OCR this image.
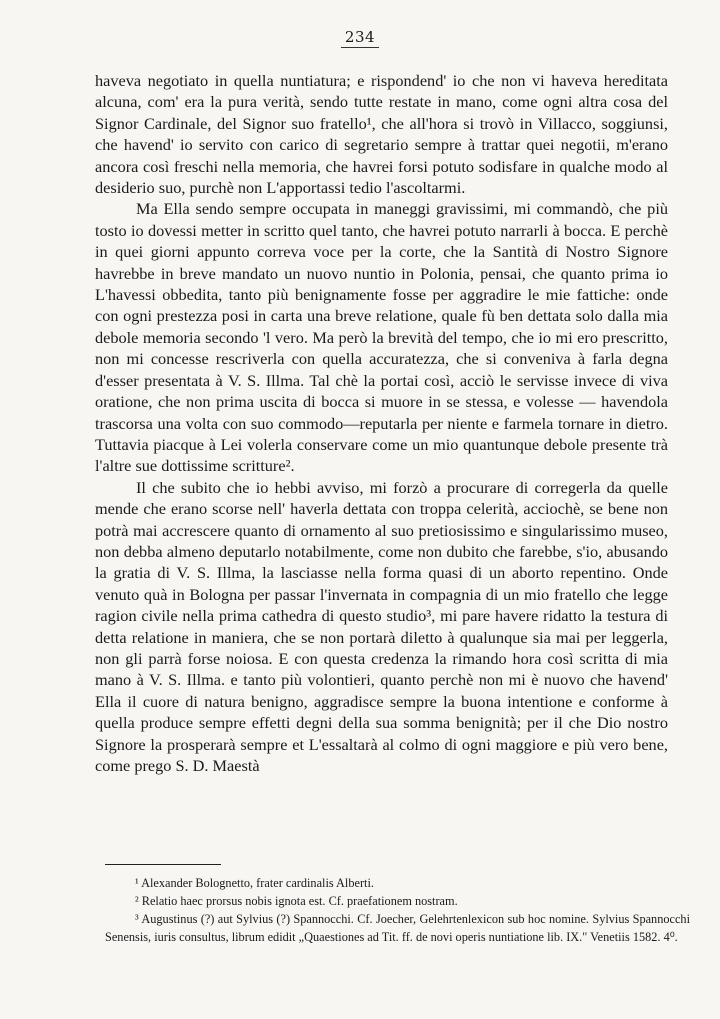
234

haveva negotiato in quella nuntiatura; e rispondend' io che non vi haveva hereditata alcuna, com' era la pura verità, sendo tutte restate in mano, come ogni altra cosa del Signor Cardinale, del Signor suo fratello¹, che all'hora si trovò in Villacco, soggiunsi, che havend' io servito con carico di segretario sempre à trattar quei negotii, m'erano ancora così freschi nella memoria, che havrei forsi potuto sodisfare in qualche modo al desiderio suo, purchè non L'apportassi tedio l'ascoltarmi.

Ma Ella sendo sempre occupata in maneggi gravissimi, mi commandò, che più tosto io dovessi metter in scritto quel tanto, che havrei potuto narrarli à bocca. E perchè in quei giorni appunto correva voce per la corte, che la Santità di Nostro Signore havrebbe in breve mandato un nuovo nuntio in Polonia, pensai, che quanto prima io L'havessi obbedita, tanto più benignamente fosse per aggradire le mie fattiche: onde con ogni prestezza posi in carta una breve relatione, quale fù ben dettata solo dalla mia debole memoria secondo 'l vero. Ma però la brevità del tempo, che io mi ero prescritto, non mi concesse rescriverla con quella accuratezza, che si conveniva à farla degna d'esser presentata à V. S. Illma. Tal chè la portai così, acciò le servisse invece di viva oratione, che non prima uscita di bocca si muore in se stessa, e volesse — havendola trascorsa una volta con suo commodo—reputarla per niente e farmela tornare in dietro. Tuttavia piacque à Lei volerla conservare come un mio quantunque debole presente trà l'altre sue dottissime scritture².

Il che subito che io hebbi avviso, mi forzò a procurare di corregerla da quelle mende che erano scorse nell' haverla dettata con troppa celerità, acciochè, se bene non potrà mai accrescere quanto di ornamento al suo pretiosissimo e singularissimo museo, non debba almeno deputarlo notabilmente, come non dubito che farebbe, s'io, abusando la gratia di V. S. Illma, la lasciasse nella forma quasi di un aborto repentino. Onde venuto quà in Bologna per passar l'invernata in compagnia di un mio fratello che legge ragion civile nella prima cathedra di questo studio³, mi pare havere ridatto la testura di detta relatione in maniera, che se non portarà diletto à qualunque sia mai per leggerla, non gli parrà forse noiosa. E con questa credenza la rimando hora così scritta di mia mano à V. S. Illma. e tanto più volontieri, quanto perchè non mi è nuovo che havend' Ella il cuore di natura benigno, aggradisce sempre la buona intentione e conforme à quella produce sempre effetti degni della sua somma benignità; per il che Dio nostro Signore la prosperarà sempre et L'essaltarà al colmo di ogni maggiore e più vero bene, come prego S. D. Maestà

¹ Alexander Bolognetto, frater cardinalis Alberti.

² Relatio haec prorsus nobis ignota est. Cf. praefationem nostram.

³ Augustinus (?) aut Sylvius (?) Spannocchi. Cf. Joecher, Gelehrtenlexicon sub hoc nomine. Sylvius Spannocchi Senensis, iuris consultus, librum edidit „Quaestiones ad Tit. ff. de novi operis nuntiatione lib. IX." Venetiis 1582. 4⁰.
